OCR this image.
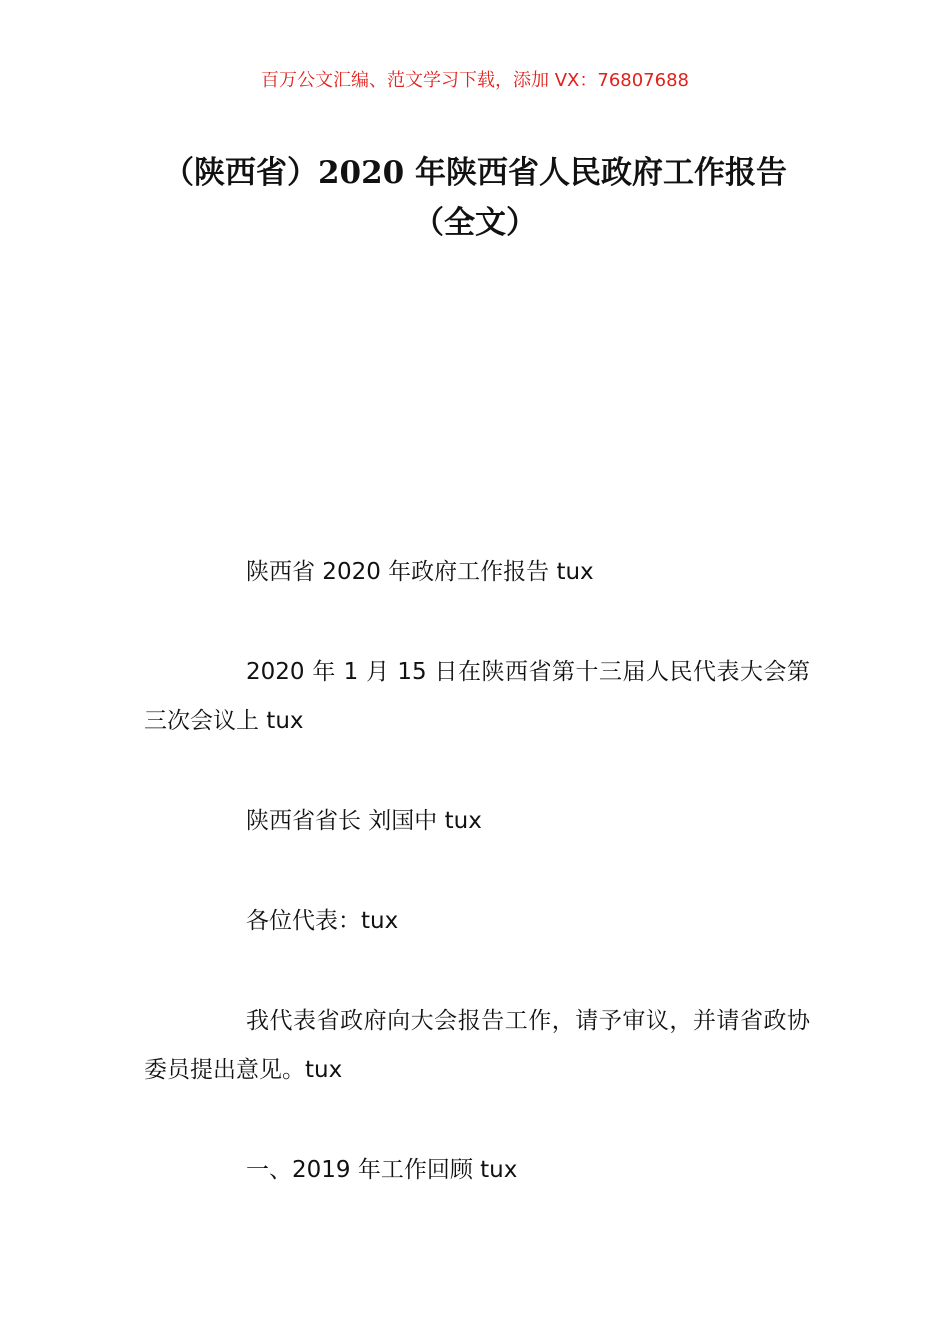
百万公文汇编、范文学习下载，添加 VX：76807688
（陕西省）2020 年陕西省人民政府工作报告（全文）

陕西省 2020 年政府工作报告 tux

2020 年 1 月 15 日在陕西省第十三届人民代表大会第三次会议上 tux

陕西省省长 刘国中 tux

各位代表：tux

我代表省政府向大会报告工作，请予审议，并请省政协委员提出意见。tux

一、2019 年工作回顾 tux
